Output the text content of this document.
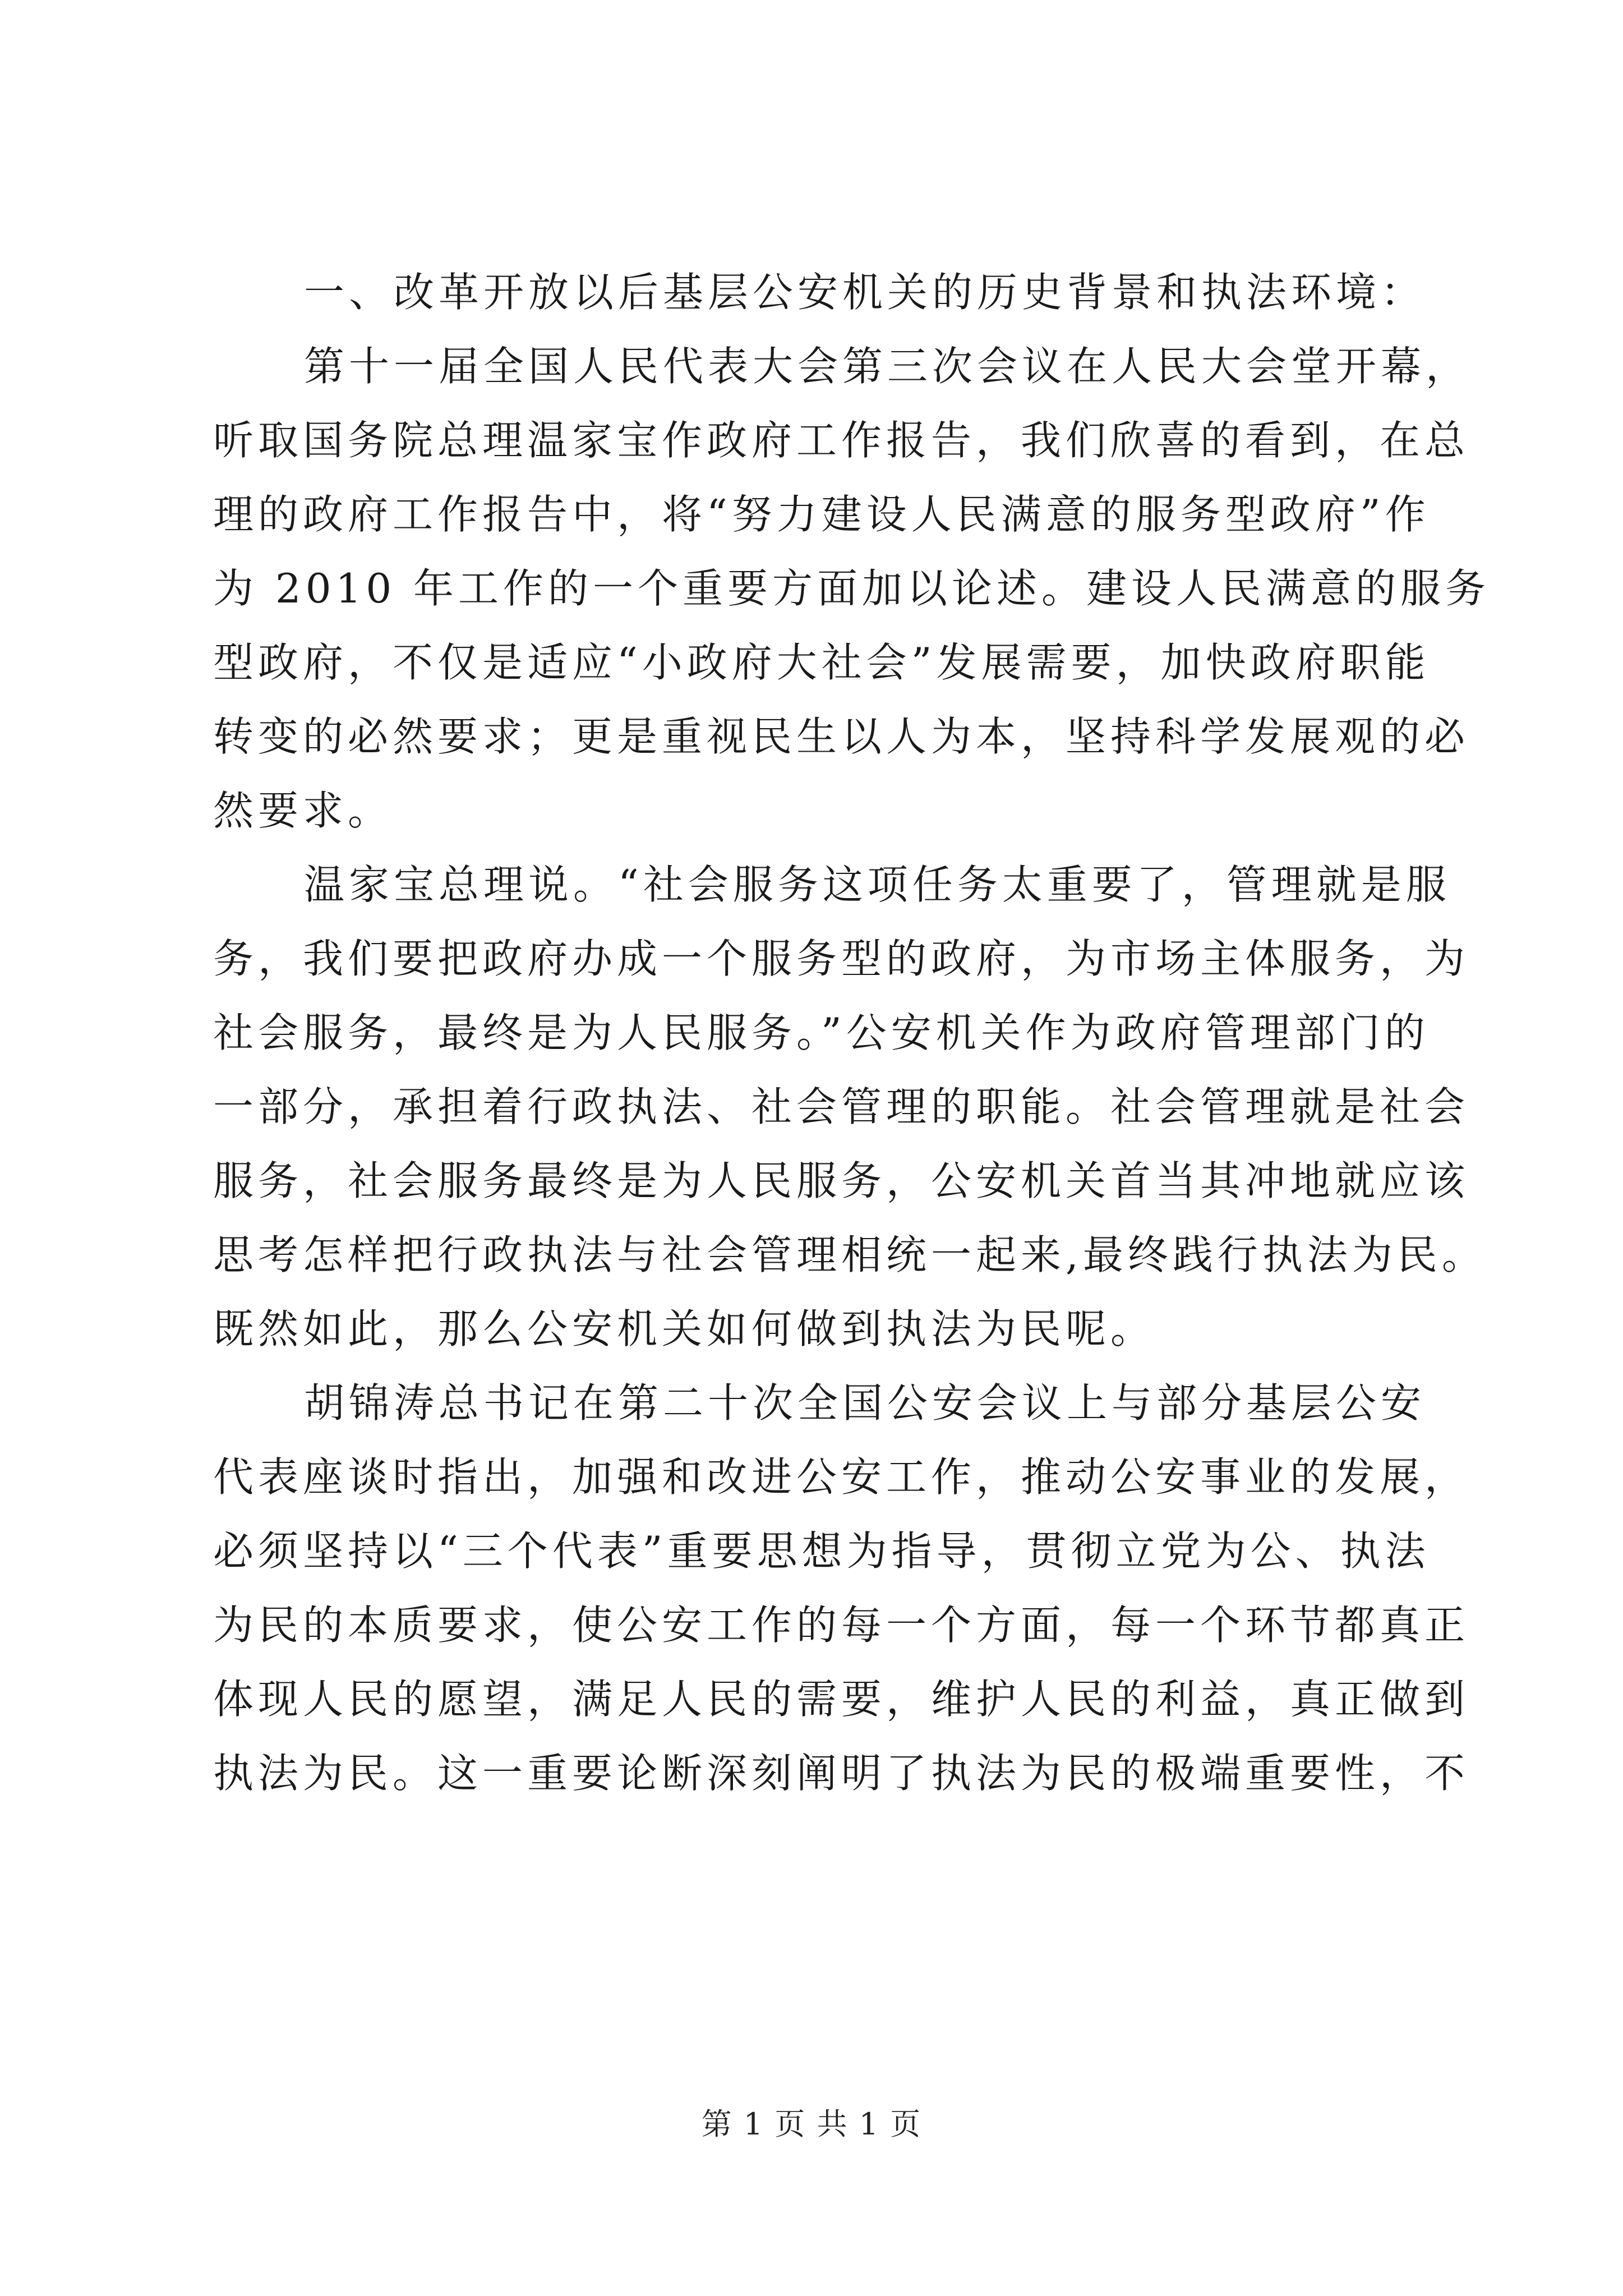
一、改革开放以后基层公安机关的历史背景和执法环境：

第十一届全国人民代表大会第三次会议在人民大会堂开幕，
听取国务院总理温家宝作政府工作报告，我们欣喜的看到，在总
理的政府工作报告中，将“努力建设人民满意的服务型政府”作
为 2010 年工作的一个重要方面加以论述。建设人民满意的服务
型政府，不仅是适应“小政府大社会”发展需要，加快政府职能
转变的必然要求；更是重视民生以人为本，坚持科学发展观的必
然要求。

温家宝总理说。“社会服务这项任务太重要了，管理就是服
务，我们要把政府办成一个服务型的政府，为市场主体服务，为
社会服务，最终是为人民服务。”公安机关作为政府管理部门的
一部分，承担着行政执法、社会管理的职能。社会管理就是社会
服务，社会服务最终是为人民服务，公安机关首当其冲地就应该
思考怎样把行政执法与社会管理相统一起来,最终践行执法为民。
既然如此，那么公安机关如何做到执法为民呢。

胡锦涛总书记在第二十次全国公安会议上与部分基层公安
代表座谈时指出，加强和改进公安工作，推动公安事业的发展，
必须坚持以“三个代表”重要思想为指导，贯彻立党为公、执法
为民的本质要求，使公安工作的每一个方面，每一个环节都真正
体现人民的愿望，满足人民的需要，维护人民的利益，真正做到
执法为民。这一重要论断深刻阐明了执法为民的极端重要性，不

第 1 页 共 1 页
